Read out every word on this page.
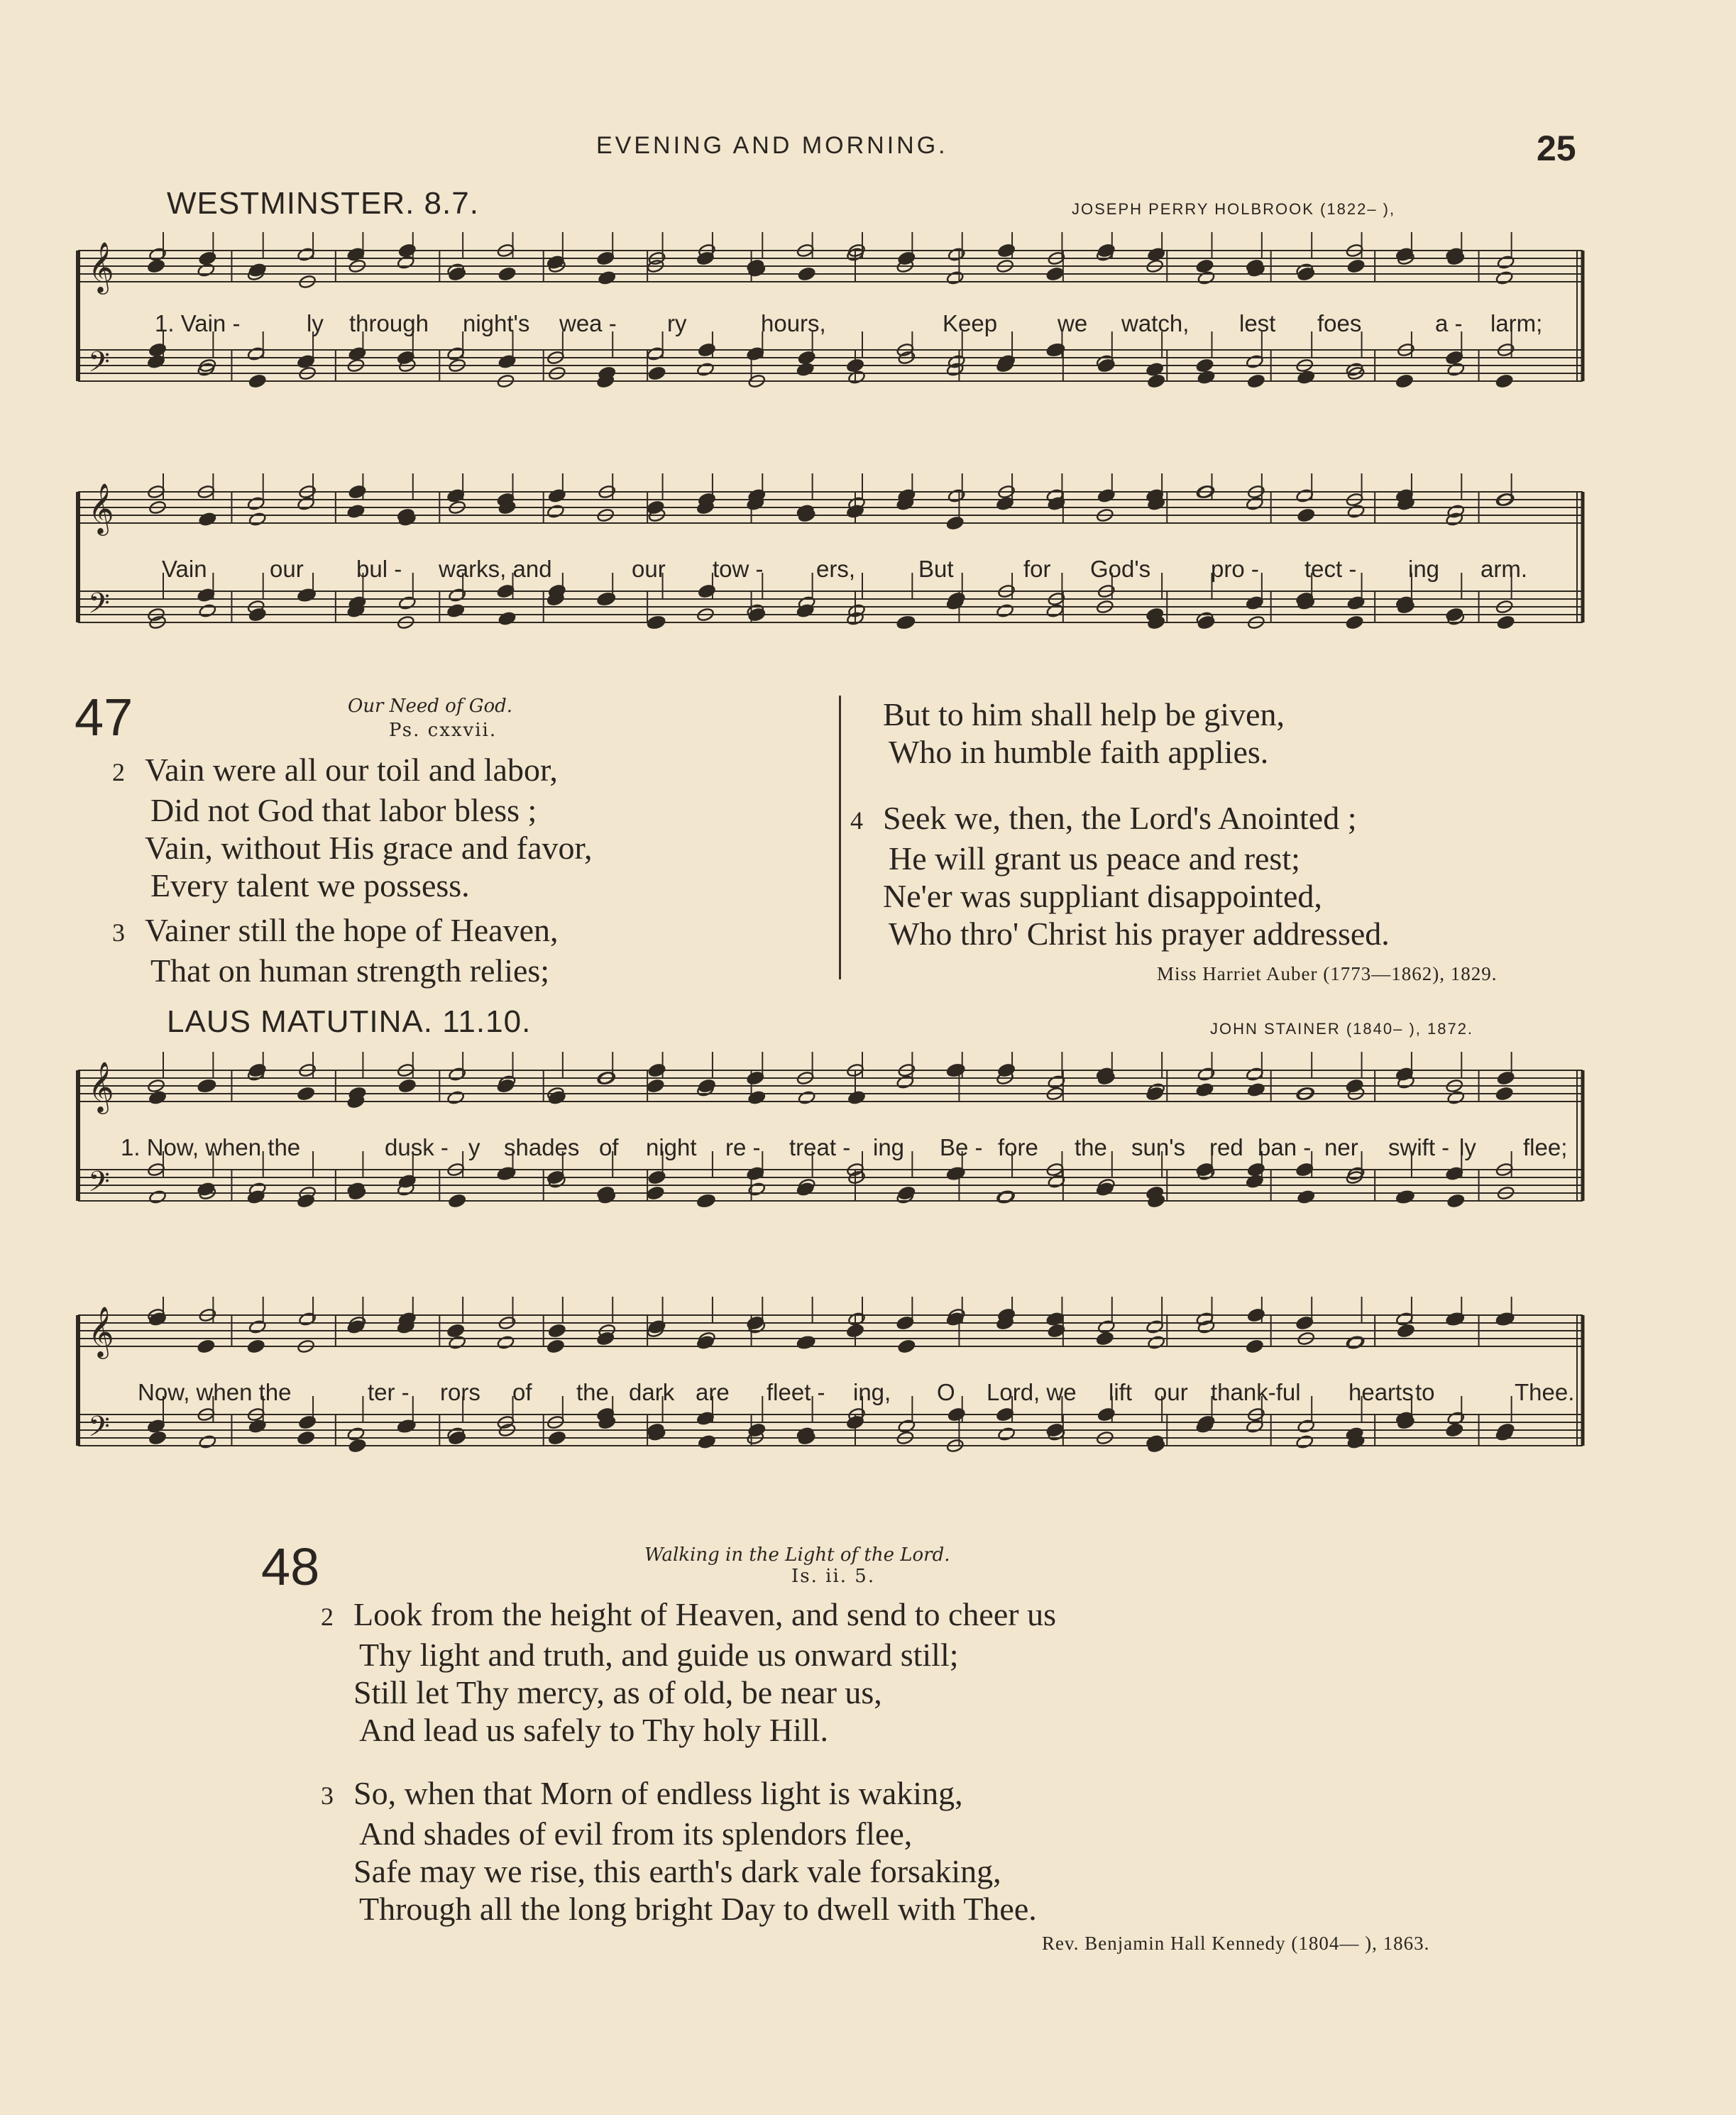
EVENING AND MORNING.	25
WESTMINSTER. 8.7.	JOSEPH PERRY HOLBROOK (1822– ),
𝄞
𝄢
1. Vain -	ly through night's wea - ry	hours,	Keep	we watch, lest foes	a - larm;
𝄞
𝄢
Vain	our bul - warks, and	our tow - ers,	But	for God's	pro - tect - ing arm.
47	Our Need of God.
Ps. cxxvii.
2 Vain were all our toil and labor,
Did not God that labor bless ;
Vain, without His grace and favor,
Every talent we possess.
3 Vainer still the hope of Heaven,
That on human strength relies;
But to him shall help be given,
Who in humble faith applies.
4 Seek we, then, the Lord's Anointed ;
He will grant us peace and rest;
Ne'er was suppliant disappointed,
Who thro' Christ his prayer addressed.
Miss Harriet Auber (1773—1862), 1829.
LAUS MATUTINA. 11.10.	JOHN STAINER (1840– ), 1872.
𝄞
𝄢
1. Now, when the	dusk - y shades of night re - treat - ing Be - fore the sun's red ban - ner swift - ly flee;
𝄞
𝄢
Now, when the	ter - rors of the dark are fleet - ing, O Lord, we lift our thank-ful hearts to	Thee.
48	Walking in the Light of the Lord.
Is. ii. 5.
2 Look from the height of Heaven, and send to cheer us
Thy light and truth, and guide us onward still;
Still let Thy mercy, as of old, be near us,
And lead us safely to Thy holy Hill.
3 So, when that Morn of endless light is waking,
And shades of evil from its splendors flee,
Safe may we rise, this earth's dark vale forsaking,
Through all the long bright Day to dwell with Thee.
Rev. Benjamin Hall Kennedy (1804— ), 1863.
